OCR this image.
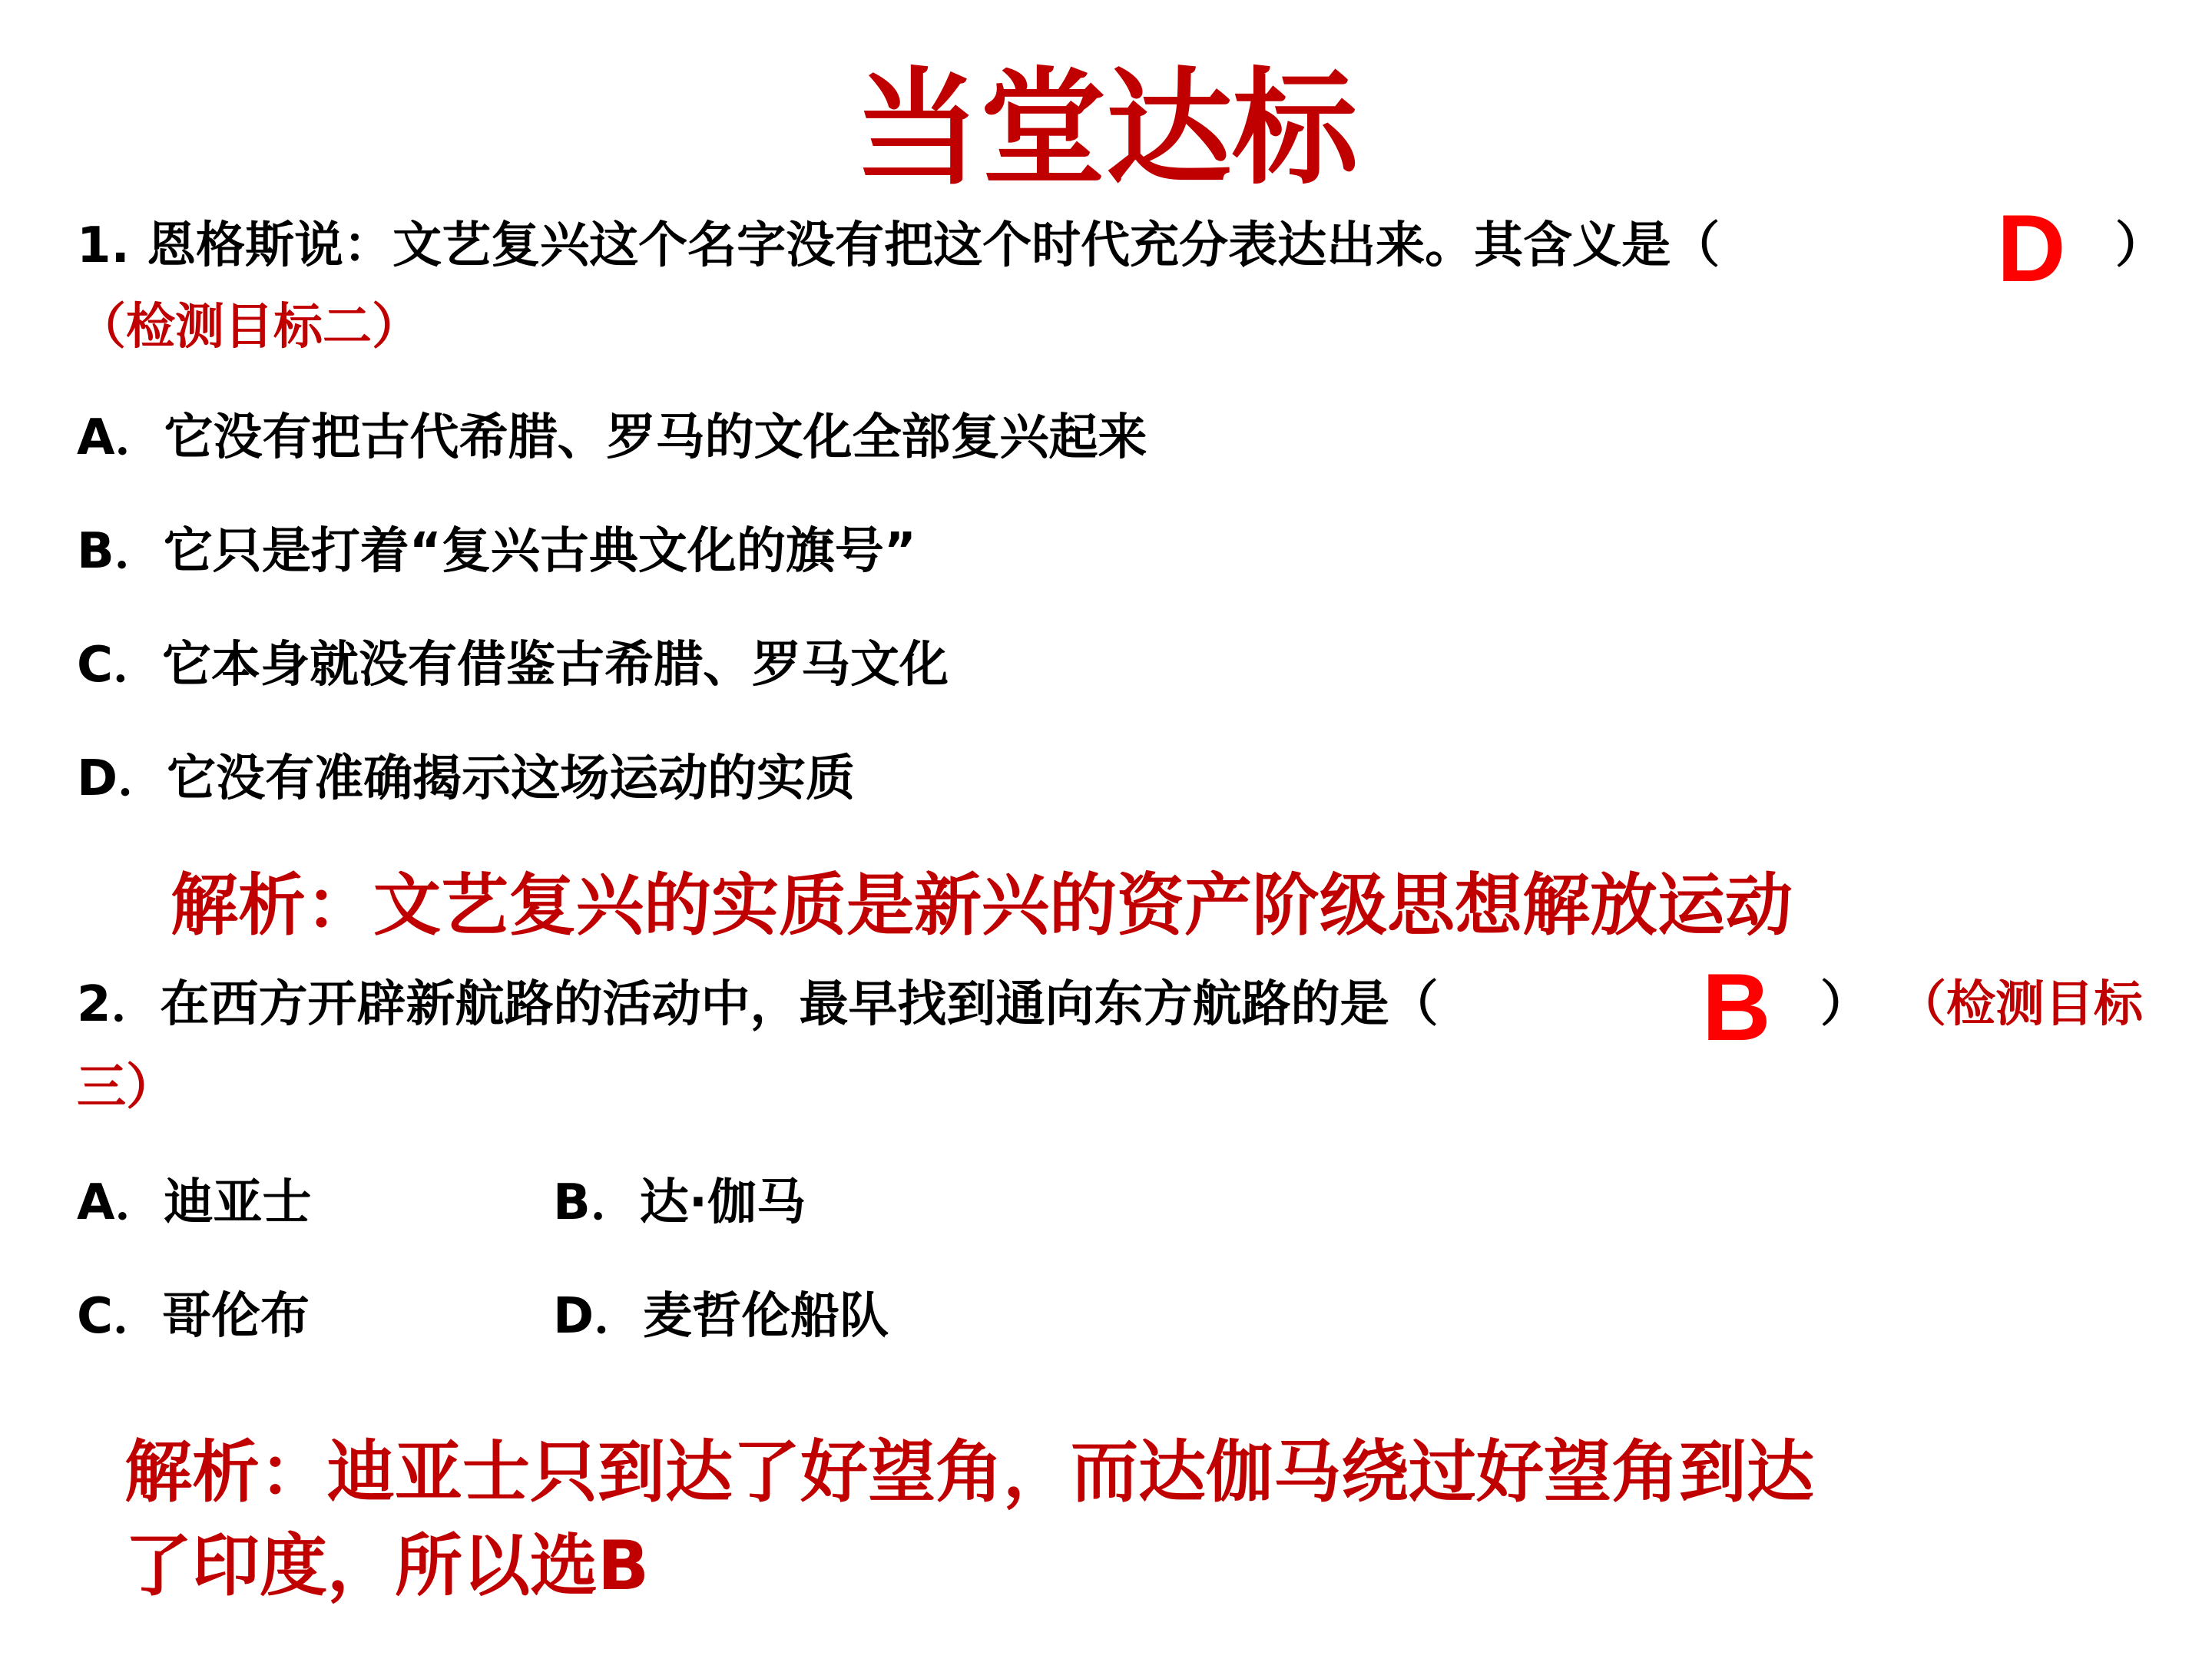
当堂达标
1. 恩格斯说：文艺复兴这个名字没有把这个时代充分表达出来。其含义是（	D ）
（检测目标二）
A．它没有把古代希腊、罗马的文化全部复兴起来
B．它只是打着“复兴古典文化的旗号”
C．它本身就没有借鉴古希腊、罗马文化
D．它没有准确揭示这场运动的实质
解析：文艺复兴的实质是新兴的资产阶级思想解放运动
2．在西方开辟新航路的活动中，最早找到通向东方航路的是（	B ） （检测目标
三）
A．迪亚士	B．达·伽马
C．哥伦布	D．麦哲伦船队
解析：迪亚士只到达了好望角，而达伽马绕过好望角到达
了印度，所以选B
